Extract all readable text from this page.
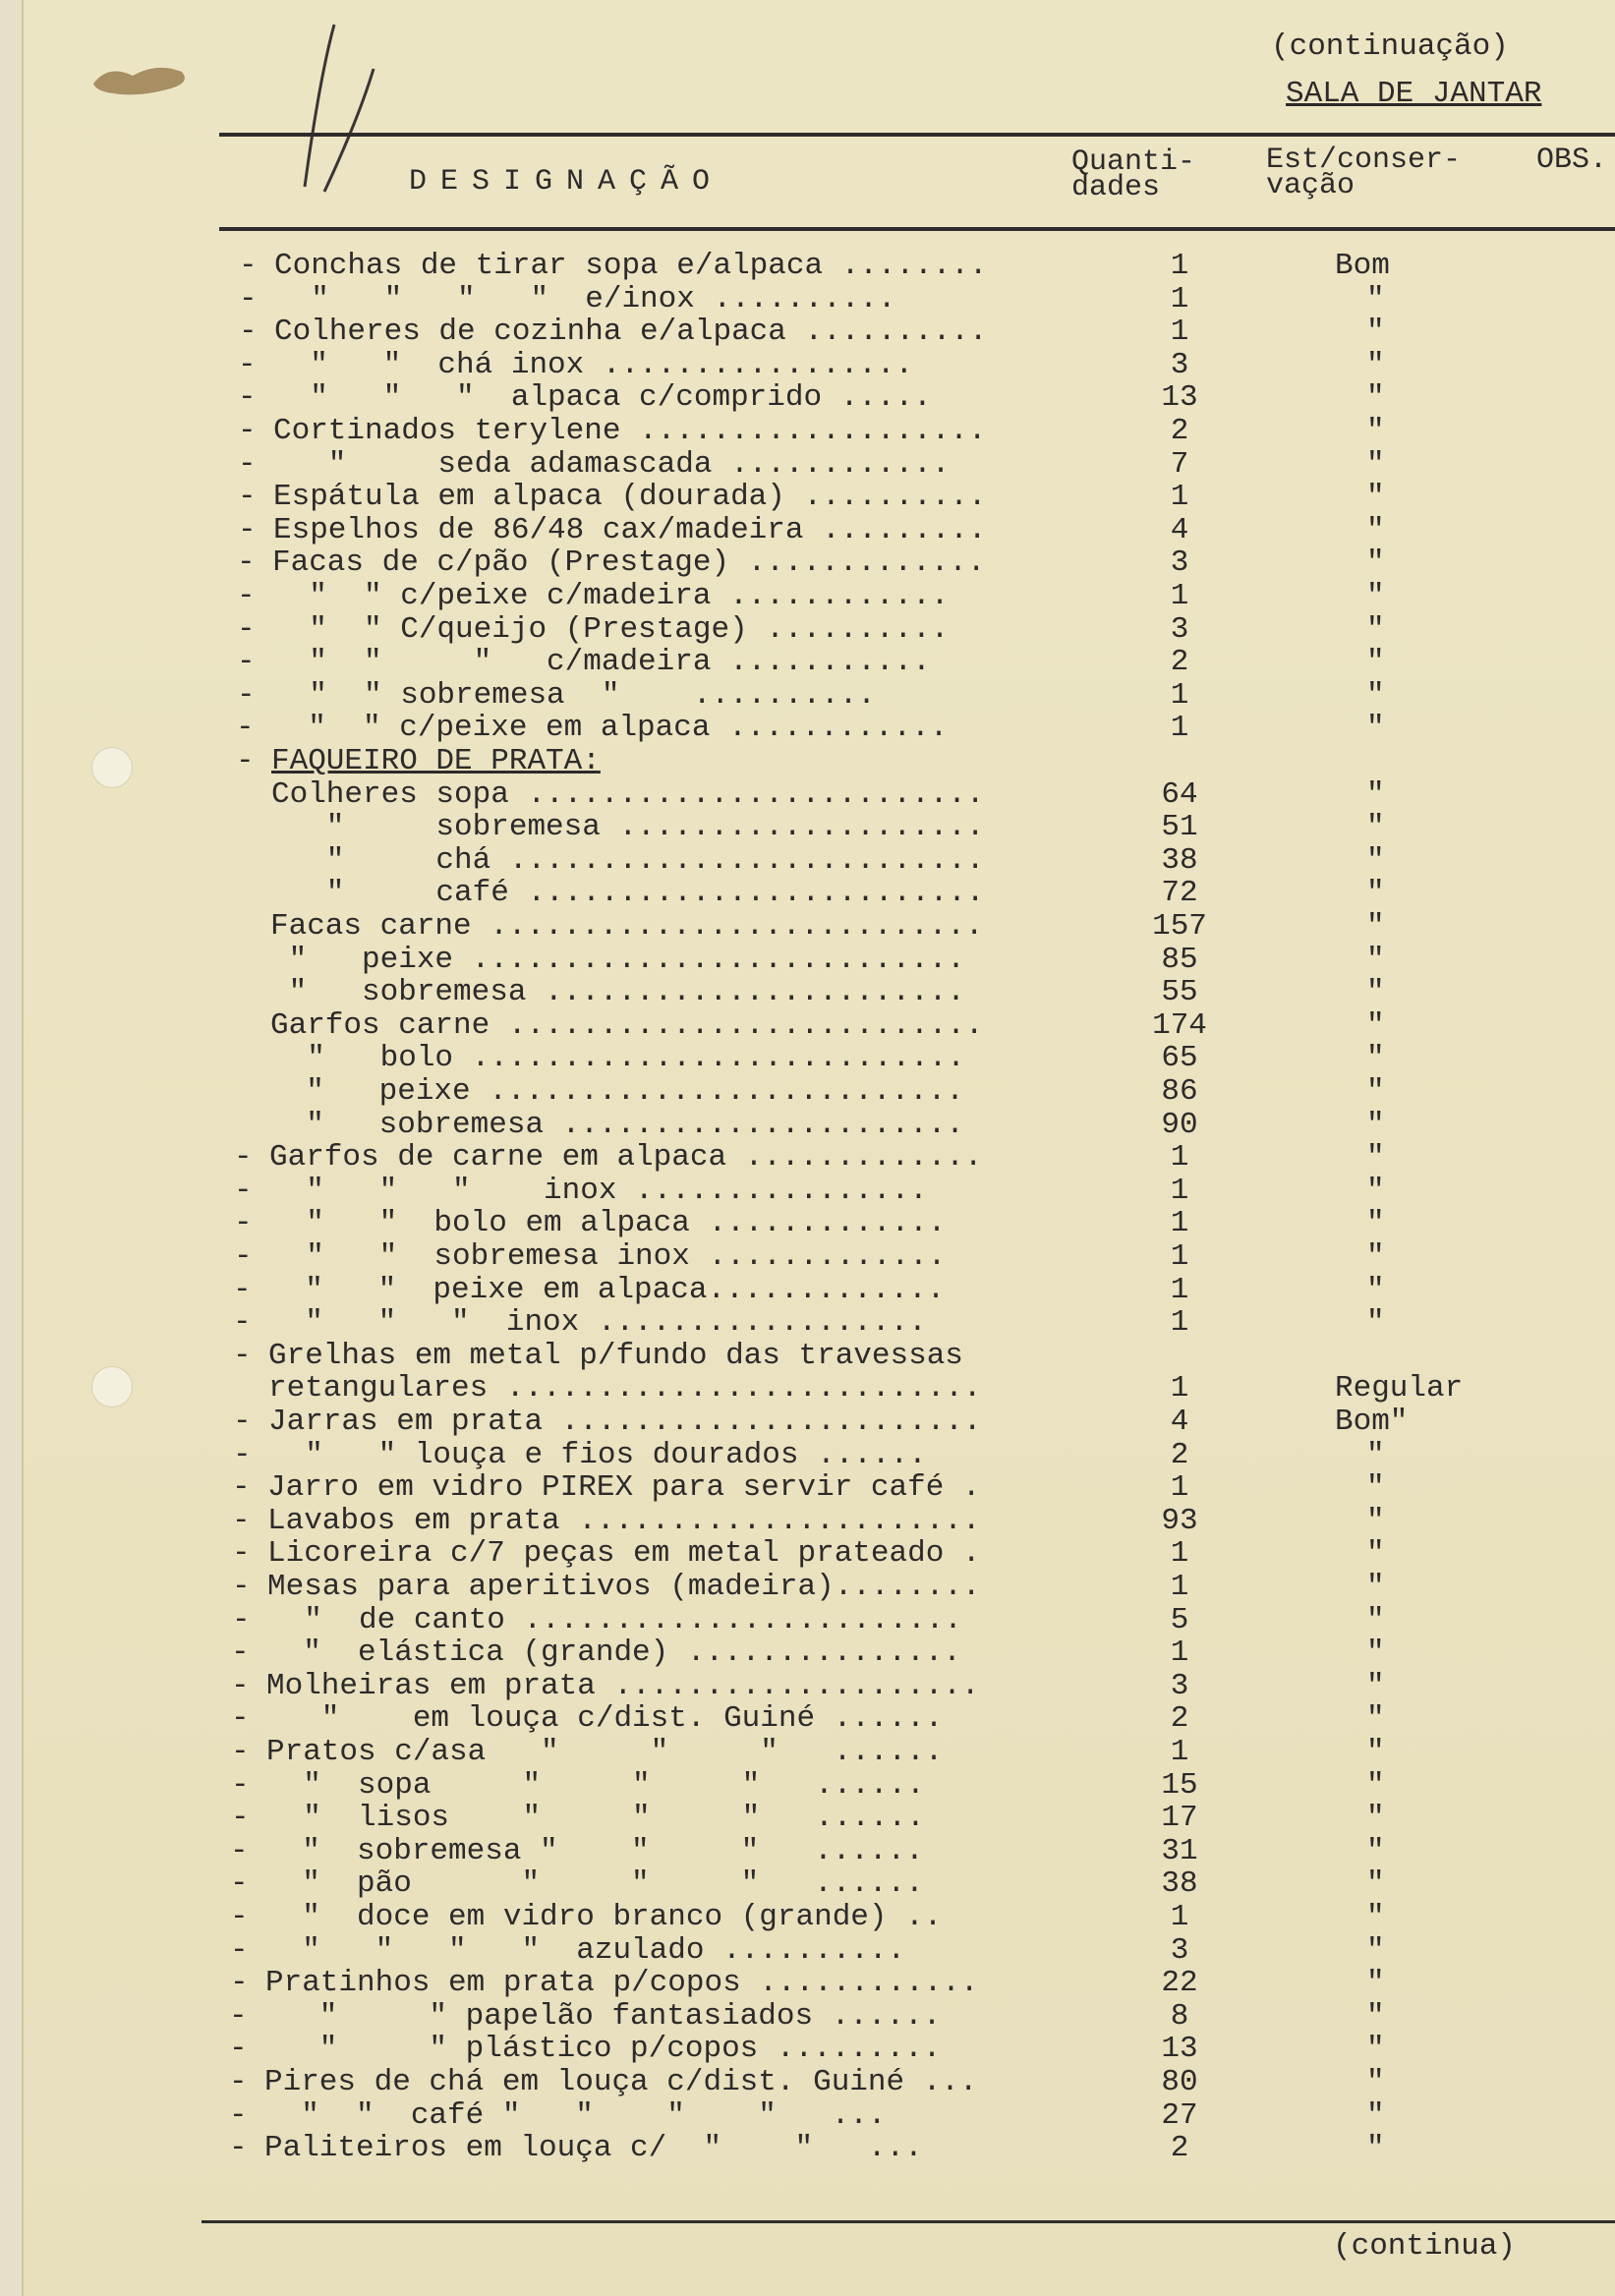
(continuação)
SALA DE JANTAR
DESIGNAÇÃO
Quanti-
dades
Est/conser-
vação
OBS.
- Conchas de tirar sopa e/alpaca ........	1	Bom
- "   "   "   "  e/inox ..........	1	"
- Colheres de cozinha e/alpaca ..........	1	"
- "   "  chá inox .................	3	"
- "   "   "  alpaca c/comprido .....	13	"
- Cortinados terylene ...................	2	"
- "     seda adamascada ............	7	"
- Espátula em alpaca (dourada) ..........	1	"
- Espelhos de 86/48 cax/madeira .........	4	"
- Facas de c/pão (Prestage) .............	3	"
- "  " c/peixe c/madeira ............	1	"
- "  " C/queijo (Prestage) ..........	3	"
- "  "     "   c/madeira ...........	2	"
- "  " sobremesa  "    ..........	1	"
- "  " c/peixe em alpaca ............	1	"
- FAQUEIRO DE PRATA:
Colheres sopa .........................	64	"
"     sobremesa ....................	51	"
"     chá ..........................	38	"
"     café .........................	72	"
Facas carne ...........................	157	"
"   peixe ...........................	85	"
"   sobremesa .......................	55	"
Garfos carne ..........................	174	"
"   bolo ...........................	65	"
"   peixe ..........................	86	"
"   sobremesa ......................	90	"
- Garfos de carne em alpaca .............	1	"
- "   "   "    inox ................	1	"
- "   "  bolo em alpaca .............	1	"
- "   "  sobremesa inox .............	1	"
- "   "  peixe em alpaca.............	1	"
- "   "   "  inox ..................	1	"
- Grelhas em metal p/fundo das travessas
retangulares ..........................	1	Regular
- Jarras em prata .......................	4	Bom"
- "   " louça e fios dourados ......	2	"
- Jarro em vidro PIREX para servir café .	1	"
- Lavabos em prata ......................	93	"
- Licoreira c/7 peças em metal prateado .	1	"
- Mesas para aperitivos (madeira)........	1	"
- "  de canto ........................	5	"
- "  elástica (grande) ...............	1	"
- Molheiras em prata ....................	3	"
- "    em louça c/dist. Guiné ......	2	"
- Pratos c/asa   "     "     "   ......	1	"
- "  sopa     "     "     "   ......	15	"
- "  lisos    "     "     "   ......	17	"
- "  sobremesa "    "     "   ......	31	"
- "  pão      "     "     "   ......	38	"
- "  doce em vidro branco (grande) ..	1	"
- "   "   "   "  azulado ..........	3	"
- Pratinhos em prata p/copos ............	22	"
- "     " papelão fantasiados ......	8	"
- "     " plástico p/copos .........	13	"
- Pires de chá em louça c/dist. Guiné ...	80	"
- "  "  café "   "    "    "   ...	27	"
- Paliteiros em louça c/  "    "   ...	2	"
(continua)
